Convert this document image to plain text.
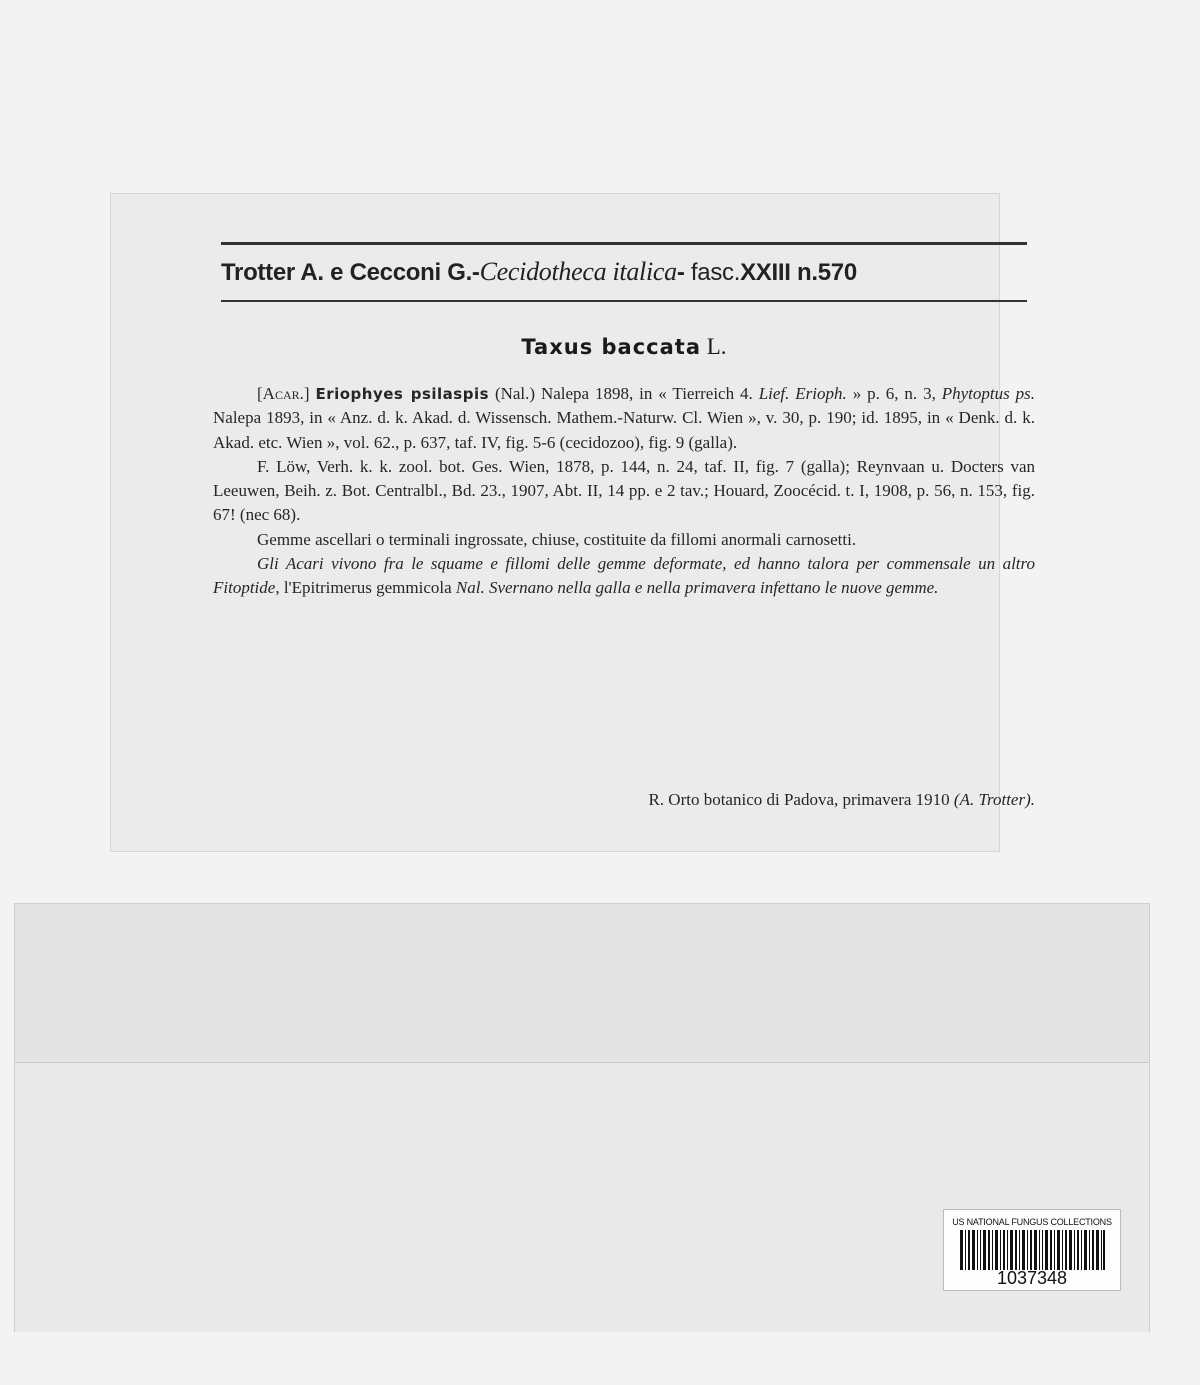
Trotter A. e Cecconi G.-Cecidotheca italica- fasc.XXIII n.570
Taxus baccata L.

[Acar.] Eriophyes psilaspis (Nal.) Nalepa 1898, in « Tierreich 4. Lief. Erioph. » p. 6, n. 3, Phytoptus ps. Nalepa 1893, in « Anz. d. k. Akad. d. Wissensch. Mathem.-Naturw. Cl. Wien », v. 30, p. 190; id. 1895, in « Denk. d. k. Akad. etc. Wien », vol. 62., p. 637, taf. IV, fig. 5-6 (cecidozoo), fig. 9 (galla).

F. Löw, Verh. k. k. zool. bot. Ges. Wien, 1878, p. 144, n. 24, taf. II, fig. 7 (galla); Reynvaan u. Docters van Leeuwen, Beih. z. Bot. Centralbl., Bd. 23., 1907, Abt. II, 14 pp. e 2 tav.; Houard, Zoocécid. t. I, 1908, p. 56, n. 153, fig. 67! (nec 68).

Gemme ascellari o terminali ingrossate, chiuse, costituite da fillomi anormali carnosetti.

Gli Acari vivono fra le squame e fillomi delle gemme deformate, ed hanno talora per commensale un altro Fitoptide, l'Epitrimerus gemmicola Nal. Svernano nella galla e nella primavera infettano le nuove gemme.

R. Orto botanico di Padova, primavera 1910 (A. Trotter).
US NATIONAL FUNGUS COLLECTIONS
1037348
